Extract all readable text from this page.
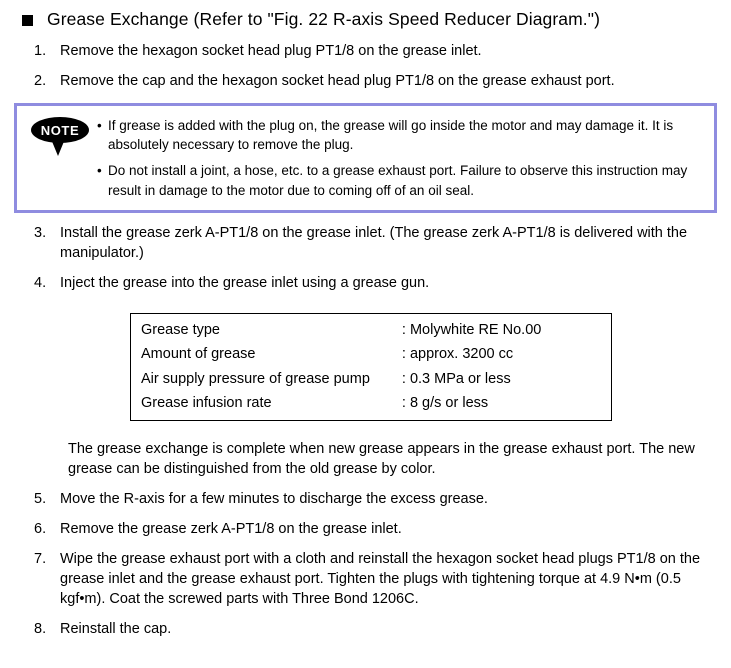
Grease Exchange (Refer to "Fig. 22 R-axis Speed Reducer Diagram.")
1. Remove the hexagon socket head plug PT1/8 on the grease inlet.
2. Remove the cap and the hexagon socket head plug PT1/8 on the grease exhaust port.
NOTE	• If grease is added with the plug on, the grease will go inside the motor and may damage it. It is absolutely necessary to remove the plug.
• Do not install a joint, a hose, etc. to a grease exhaust port. Failure to observe this instruction may result in damage to the motor due to coming off of an oil seal.
3. Install the grease zerk A-PT1/8 on the grease inlet. (The grease zerk A-PT1/8 is delivered with the manipulator.)
4. Inject the grease into the grease inlet using a grease gun.
Grease type	: Molywhite RE No.00
Amount of grease	: approx. 3200 cc
Air supply pressure of grease pump	: 0.3 MPa or less
Grease infusion rate	: 8 g/s or less
The grease exchange is complete when new grease appears in the grease exhaust port. The new grease can be distinguished from the old grease by color.
5. Move the R-axis for a few minutes to discharge the excess grease.
6. Remove the grease zerk A-PT1/8 on the grease inlet.
7. Wipe the grease exhaust port with a cloth and reinstall the hexagon socket head plugs PT1/8 on the grease inlet and the grease exhaust port. Tighten the plugs with tightening torque at 4.9 N•m (0.5 kgf•m). Coat the screwed parts with Three Bond 1206C.
8. Reinstall the cap.
